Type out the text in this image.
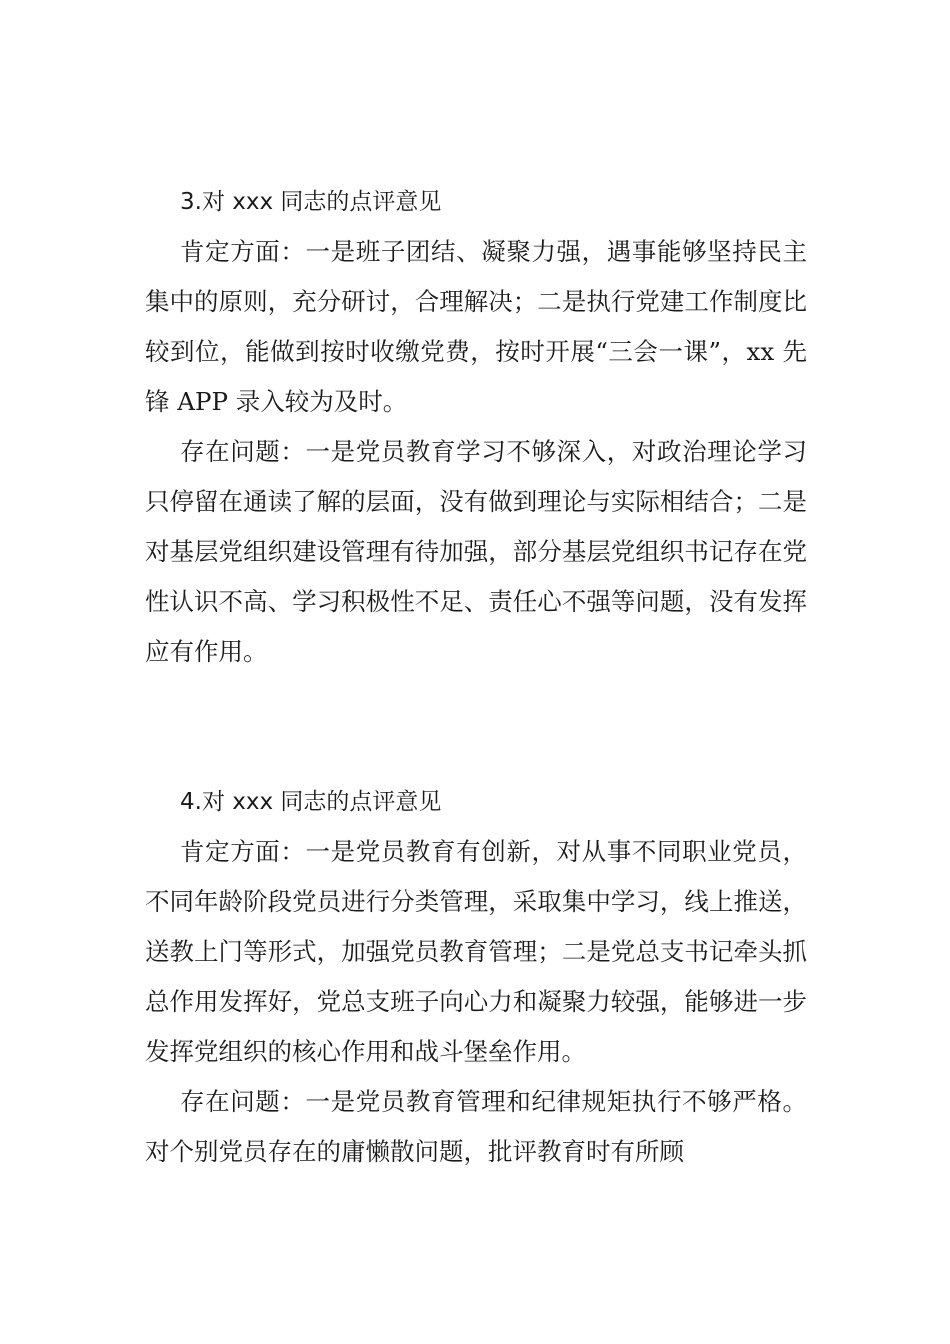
3.对 xxx 同志的点评意见

肯定方面：一是班子团结、凝聚力强，遇事能够坚持民主集中的原则，充分研讨，合理解决；二是执行党建工作制度比较到位，能做到按时收缴党费，按时开展“三会一课”，xx 先锋 APP 录入较为及时。

存在问题：一是党员教育学习不够深入，对政治理论学习只停留在通读了解的层面，没有做到理论与实际相结合；二是对基层党组织建设管理有待加强，部分基层党组织书记存在党性认识不高、学习积极性不足、责任心不强等问题，没有发挥应有作用。

4.对 xxx 同志的点评意见

肯定方面：一是党员教育有创新，对从事不同职业党员，不同年龄阶段党员进行分类管理，采取集中学习，线上推送，送教上门等形式，加强党员教育管理；二是党总支书记牵头抓总作用发挥好，党总支班子向心力和凝聚力较强，能够进一步发挥党组织的核心作用和战斗堡垒作用。

存在问题：一是党员教育管理和纪律规矩执行不够严格。对个别党员存在的庸懒散问题，批评教育时有所顾
